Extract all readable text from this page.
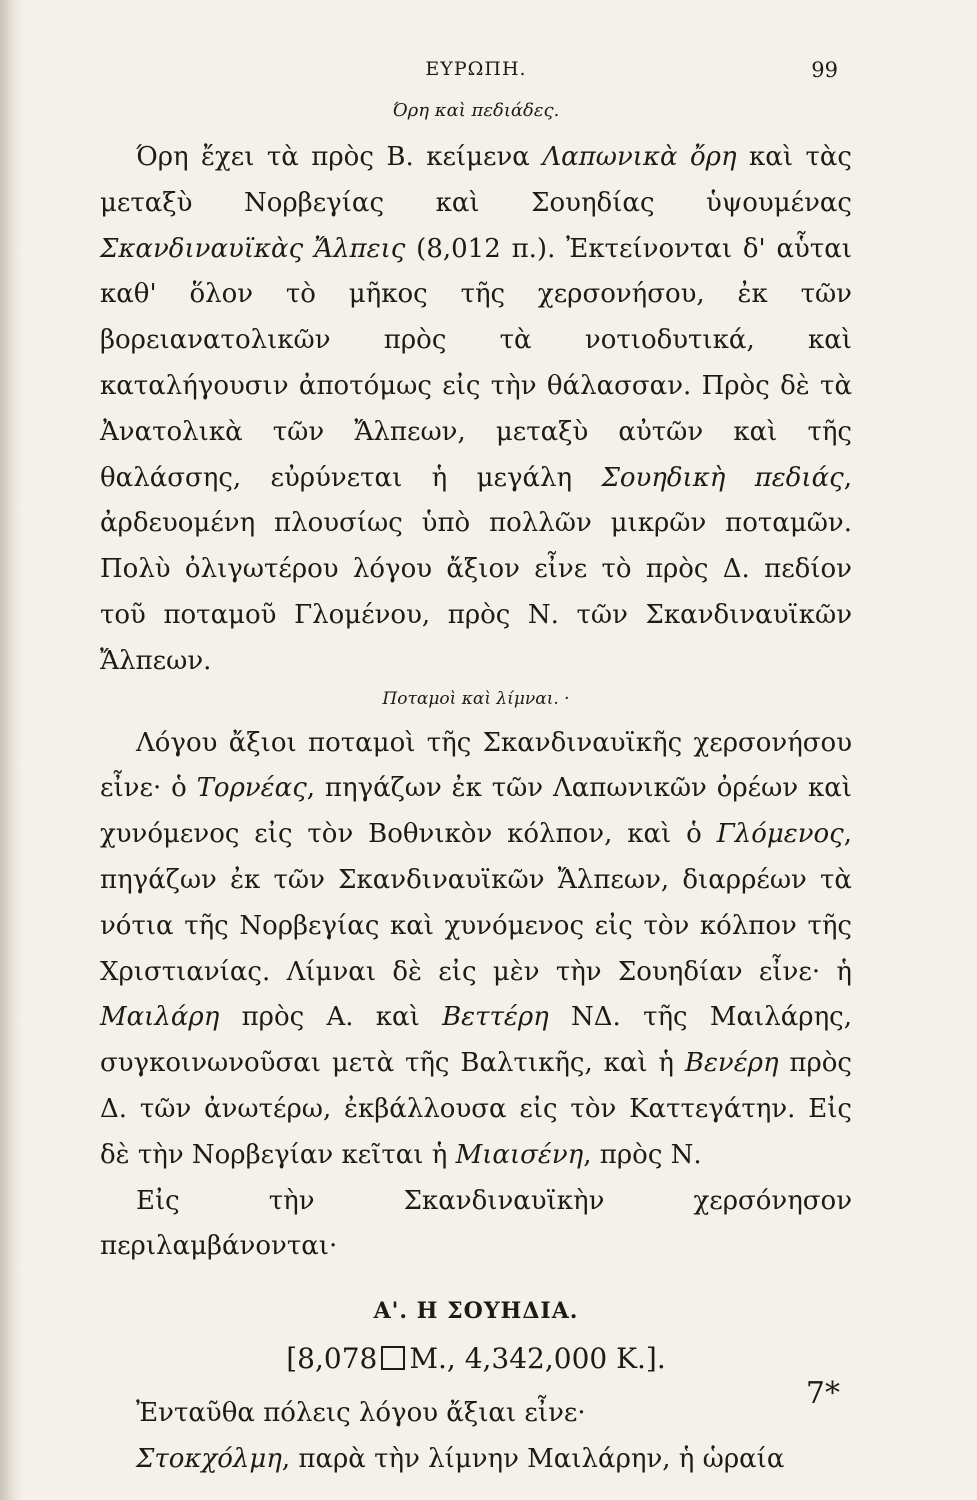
ΕΥΡΩΠΗ.	99
Όρη καὶ πεδιάδες.

Όρη ἔχει τὰ πρὸς Β. κείμενα Λαπωνικὰ ὄρη καὶ τὰς μεταξὺ Νορβεγίας καὶ Σουηδίας ὑψουμένας Σκανδιναυϊκὰς Ἄλπεις (8,012 π.). Ἐκτείνονται δ' αὗται καθ' ὅλον τὸ μῆκος τῆς χερσονήσου, ἐκ τῶν βορειανατολικῶν πρὸς τὰ νοτιοδυτικά, καὶ καταλήγουσιν ἀποτόμως εἰς τὴν θάλασσαν. Πρὸς δὲ τὰ Ἀνατολικὰ τῶν Ἄλπεων, μεταξὺ αὐτῶν καὶ τῆς θαλάσσης, εὐρύνεται ἡ μεγάλη Σουηδικὴ πεδιάς, ἀρδευομένη πλουσίως ὑπὸ πολλῶν μικρῶν ποταμῶν. Πολὺ ὀλιγωτέρου λόγου ἄξιον εἶνε τὸ πρὸς Δ. πεδίον τοῦ ποταμοῦ Γλομένου, πρὸς Ν. τῶν Σκανδιναυϊκῶν Ἄλπεων.

Ποταμοὶ καὶ λίμναι. ·

Λόγου ἄξιοι ποταμοὶ τῆς Σκανδιναυϊκῆς χερσονήσου εἶνε· ὁ Τορνέας, πηγάζων ἐκ τῶν Λαπωνικῶν ὀρέων καὶ χυνόμενος εἰς τὸν Βοθνικὸν κόλπον, καὶ ὁ Γλόμενος, πηγάζων ἐκ τῶν Σκανδιναυϊκῶν Ἄλπεων, διαρρέων τὰ νότια τῆς Νορβεγίας καὶ χυνόμενος εἰς τὸν κόλπον τῆς Χριστιανίας. Λίμναι δὲ εἰς μὲν τὴν Σουηδίαν εἶνε· ἡ Μαιλάρη πρὸς Α. καὶ Βεττέρη ΝΔ. τῆς Μαιλάρης, συγκοινωνοῦσαι μετὰ τῆς Βαλτικῆς, καὶ ἡ Βενέρη πρὸς Δ. τῶν ἀνωτέρω, ἐκβάλλουσα εἰς τὸν Καττεγάτην. Εἰς δὲ τὴν Νορβεγίαν κεῖται ἡ Μιαισένη, πρὸς Ν.

Εἰς τὴν Σκανδιναυϊκὴν χερσόνησον περιλαμβάνονται·

Α'. Η ΣΟΥΗΔΙΑ.
[8,078 Μ., 4,342,000 Κ.].

Ἐνταῦθα πόλεις λόγου ἄξιαι εἶνε·

Στοκχόλμη, παρὰ τὴν λίμνην Μαιλάρην, ἡ ὡραία

7*
